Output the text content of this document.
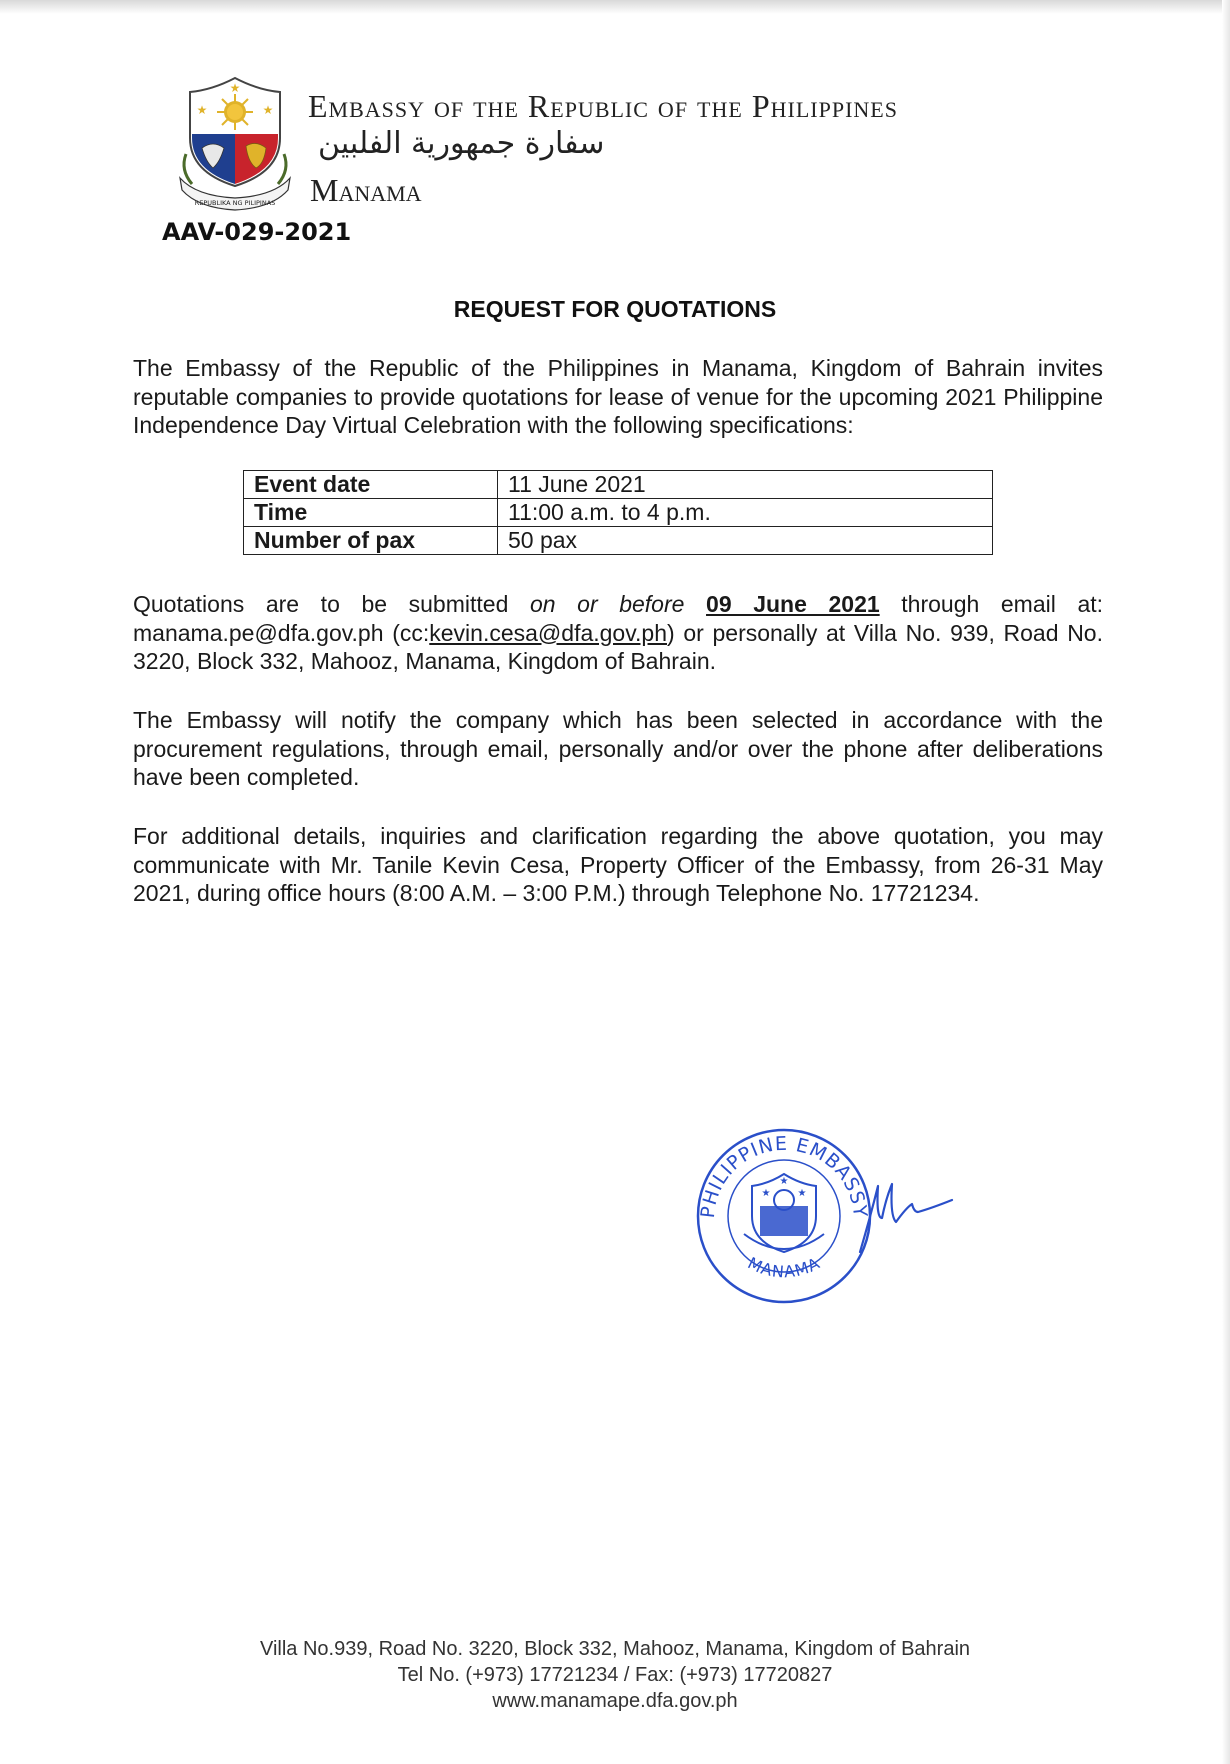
REPUBLIKA NG PILIPINAS
★
★	★ Embassy of the Republic of the Philippines
سفارة جمهورية الفلبين
Manama
AAV-029-2021
REQUEST FOR QUOTATIONS
The Embassy of the Republic of the Philippines in Manama, Kingdom of Bahrain invites reputable companies to provide quotations for lease of venue for the upcoming 2021 Philippine Independence Day Virtual Celebration with the following specifications:
Event date	11 June 2021
Time	11:00 a.m. to 4 p.m.
Number of pax	50 pax
Quotations are to be submitted on or before 09 June 2021 through email at: manama.pe@dfa.gov.ph (cc:kevin.cesa@dfa.gov.ph) or personally at Villa No. 939, Road No. 3220, Block 332, Mahooz, Manama, Kingdom of Bahrain.
The Embassy will notify the company which has been selected in accordance with the procurement regulations, through email, personally and/or over the phone after deliberations have been completed.
For additional details, inquiries and clarification regarding the above quotation, you may communicate with Mr. Tanile Kevin Cesa, Property Officer of the Embassy, from 26-31 May 2021, during office hours (8:00 A.M. – 3:00 P.M.) through Telephone No. 17721234.
PHILIPPINE EMBASSY
MANAMA
★	★
★
Villa No.939, Road No. 3220, Block 332, Mahooz, Manama, Kingdom of Bahrain
Tel No. (+973) 17721234 / Fax: (+973) 17720827
www.manamape.dfa.gov.ph
